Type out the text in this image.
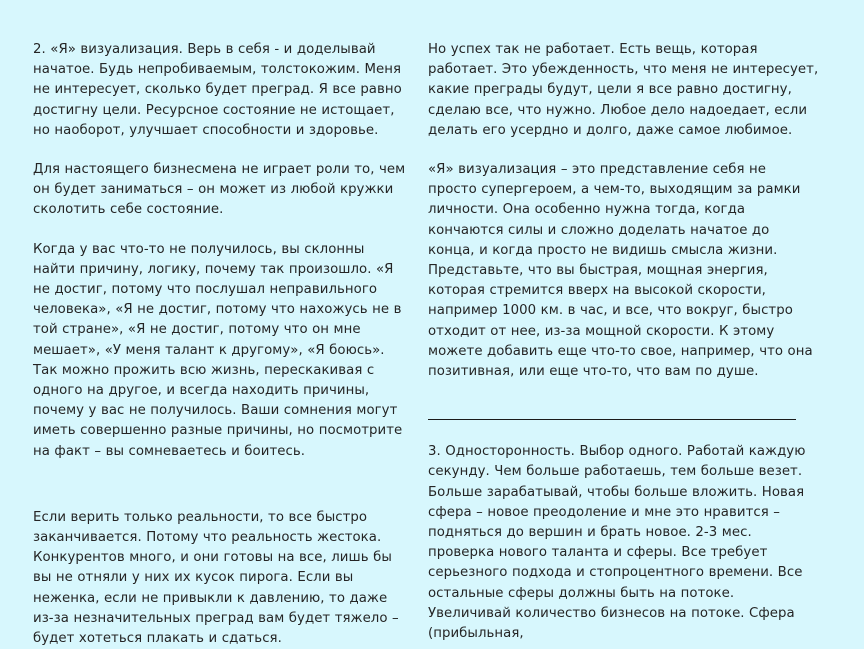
2. «Я» визуализация. Верь в себя - и доделывай начатое. Будь непробиваемым, толстокожим. Меня не интересует, сколько будет преград. Я все равно достигну цели. Ресурсное состояние не истощает, но наоборот, улучшает способности и здоровье.

Для настоящего бизнесмена не играет роли то, чем он будет заниматься – он может из любой кружки сколотить себе состояние.

Когда у вас что-то не получилось, вы склонны найти причину, логику, почему так произошло. «Я не достиг, потому что послушал неправильного человека», «Я не достиг, потому что нахожусь не в той стране», «Я не достиг, потому что он мне мешает», «У меня талант к другому», «Я боюсь». Так можно прожить всю жизнь, перескакивая с одного на другое, и всегда находить причины, почему у вас не получилось. Ваши сомнения могут иметь совершенно разные причины, но посмотрите на факт – вы сомневаетесь и боитесь.

Если верить только реальности, то все быстро заканчивается. Потому что реальность жестока. Конкурентов много, и они готовы на все, лишь бы вы не отняли у них их кусок пирога. Если вы неженка, если не привыкли к давлению, то даже из-за незначительных преград вам будет тяжело – будет хотеться плакать и сдаться.

Но успех так не работает. Есть вещь, которая работает. Это убежденность, что меня не интересует, какие преграды будут, цели я все равно достигну, сделаю все, что нужно. Любое дело надоедает, если делать его усердно и долго, даже самое любимое.

«Я» визуализация – это представление себя не просто супергероем, а чем-то, выходящим за рамки личности. Она особенно нужна тогда, когда кончаются силы и сложно доделать начатое до конца, и когда просто не видишь смысла жизни. Представьте, что вы быстрая, мощная энергия, которая стремится вверх на высокой скорости, например 1000 км. в час, и все, что вокруг, быстро отходит от нее, из-за мощной скорости. К этому можете добавить еще что-то свое, например, что она позитивная, или еще что-то, что вам по душе.

3. Односторонность. Выбор одного. Работай каждую секунду. Чем больше работаешь, тем больше везет. Больше зарабатывай, чтобы больше вложить. Новая сфера – новое преодоление и мне это нравится – подняться до вершин и брать новое. 2-3 мес. проверка нового таланта и сферы. Все требует серьезного подхода и стопроцентного времени. Все остальные сферы должны быть на потоке. Увеличивай количество бизнесов на потоке. Сфера (прибыльная,
